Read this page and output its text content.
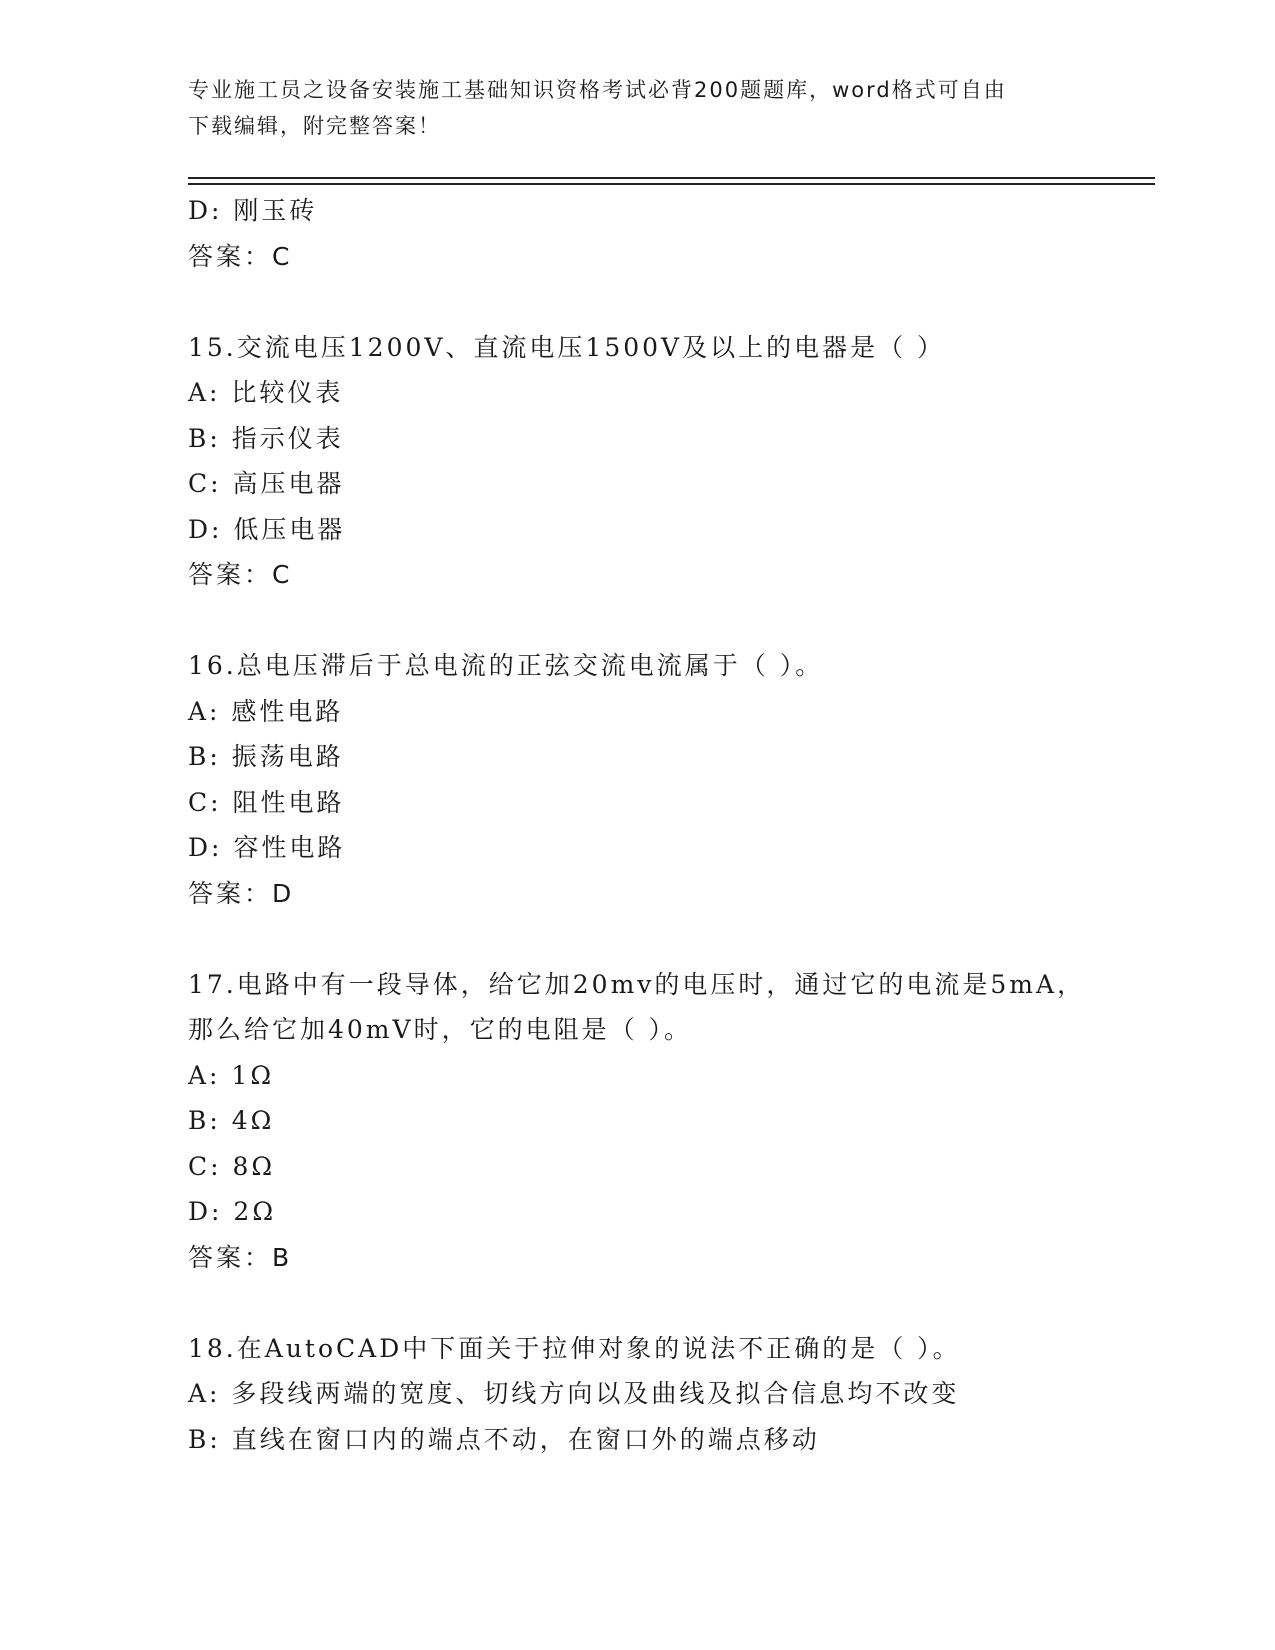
专业施工员之设备安装施工基础知识资格考试必背200题题库，word格式可自由
下载编辑，附完整答案！
D: 刚玉砖
答案：C
15.交流电压1200V、直流电压1500V及以上的电器是（ ）
A: 比较仪表
B: 指示仪表
C: 高压电器
D: 低压电器
答案：C
16.总电压滞后于总电流的正弦交流电流属于（ ）。
A: 感性电路
B: 振荡电路
C: 阻性电路
D: 容性电路
答案：D
17.电路中有一段导体，给它加20mv的电压时，通过它的电流是5mA，
那么给它加40mV时，它的电阻是（ ）。
A: 1Ω
B: 4Ω
C: 8Ω
D: 2Ω
答案：B
18.在AutoCAD中下面关于拉伸对象的说法不正确的是（ ）。
A: 多段线两端的宽度、切线方向以及曲线及拟合信息均不改变
B: 直线在窗口内的端点不动，在窗口外的端点移动
